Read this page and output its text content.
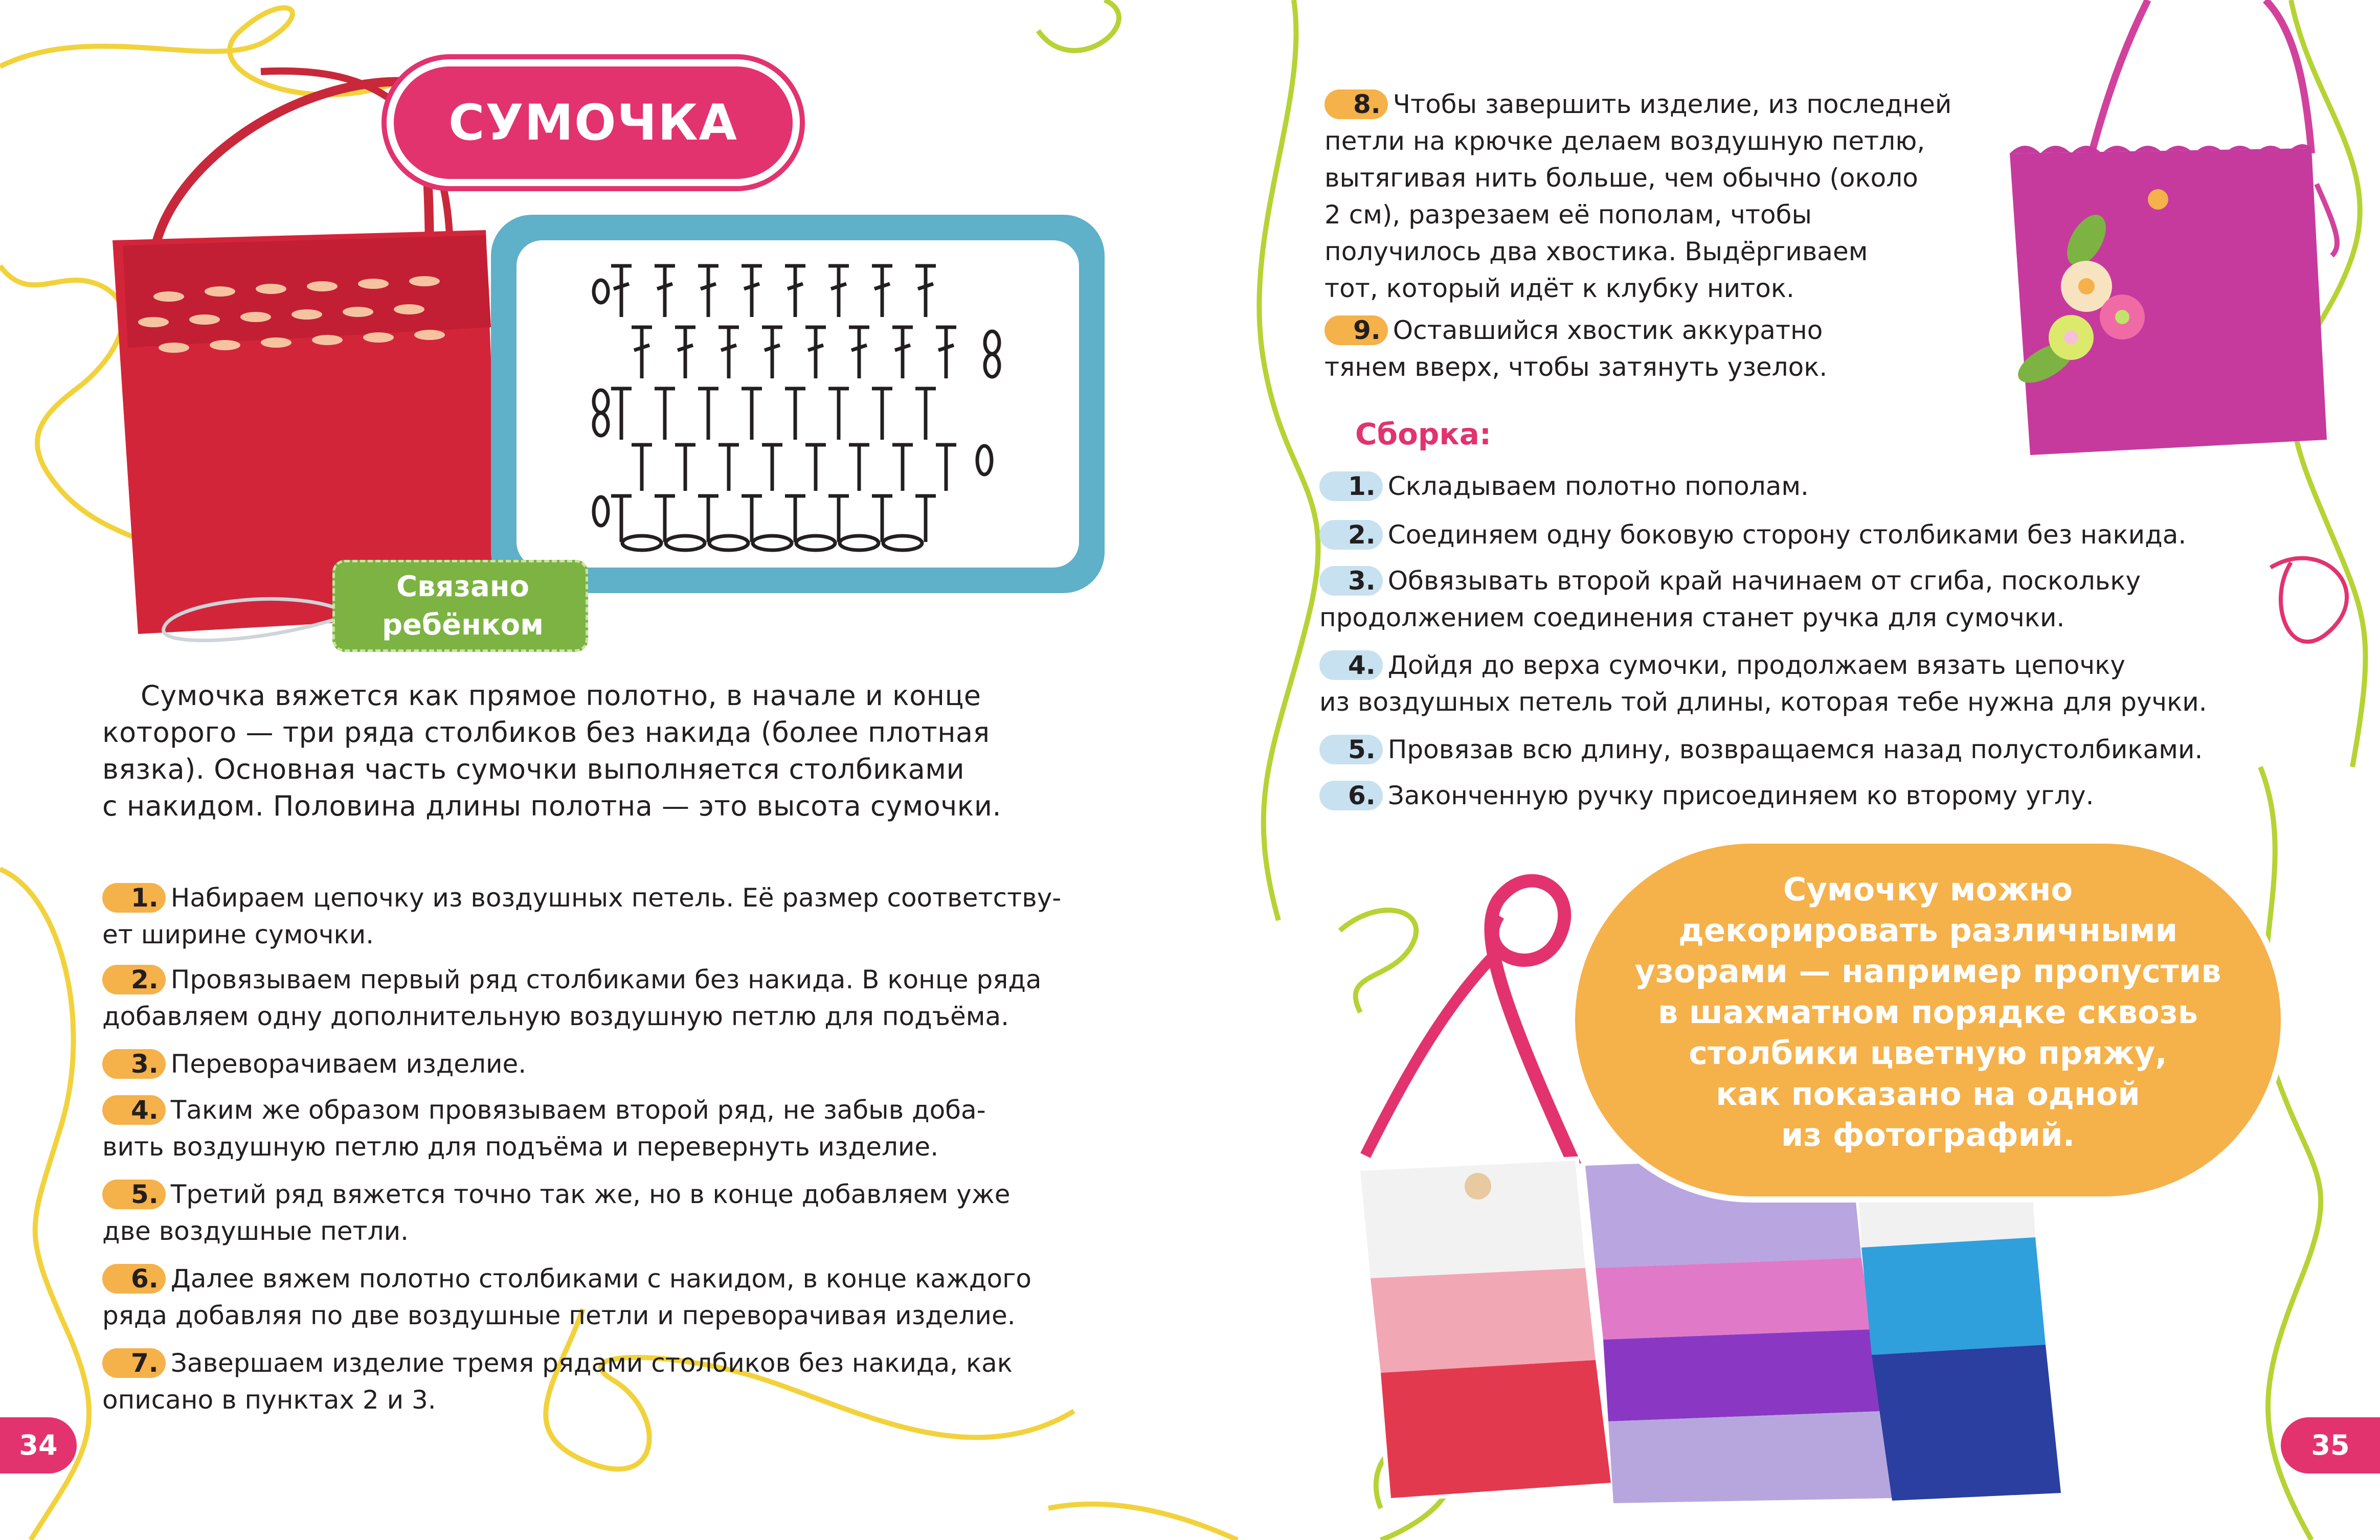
СУМОЧКА
Связано ребёнком
Сумочка вяжется как прямое полотно, в начале и конце
которого — три ряда столбиков без накида (более плотная
вязка). Основная часть сумочки выполняется столбиками
с накидом. Половина длины полотна — это высота сумочки.
1. Набираем цепочку из воздушных петель. Её размер соответству-
ет ширине сумочки.
2. Провязываем первый ряд столбиками без накида. В конце ряда
добавляем одну дополнительную воздушную петлю для подъёма.
3. Переворачиваем изделие.
4. Таким же образом провязываем второй ряд, не забыв доба-
вить воздушную петлю для подъёма и перевернуть изделие.
5. Третий ряд вяжется точно так же, но в конце добавляем уже
две воздушные петли.
6. Далее вяжем полотно столбиками с накидом, в конце каждого
ряда добавляя по две воздушные петли и переворачивая изделие.
7. Завершаем изделие тремя рядами столбиков без накида, как
описано в пунктах 2 и 3.
34	35
8. Чтобы завершить изделие, из последней
петли на крючке делаем воздушную петлю,
вытягивая нить больше, чем обычно (около
2 см), разрезаем её пополам, чтобы
получилось два хвостика. Выдёргиваем
тот, который идёт к клубку ниток.
9. Оставшийся хвостик аккуратно
тянем вверх, чтобы затянуть узелок.
Сборка:
1. Складываем полотно пополам.
2. Соединяем одну боковую сторону столбиками без накида.
3. Обвязывать второй край начинаем от сгиба, поскольку
продолжением соединения станет ручка для сумочки.
4. Дойдя до верха сумочки, продолжаем вязать цепочку
из воздушных петель той длины, которая тебе нужна для ручки.
5. Провязав всю длину, возвращаемся назад полустолбиками.
6. Законченную ручку присоединяем ко второму углу.
Сумочку можно
декорировать различными
узорами — например пропустив
в шахматном порядке сквозь
столбики цветную пряжу,
как показано на одной
из фотографий.
